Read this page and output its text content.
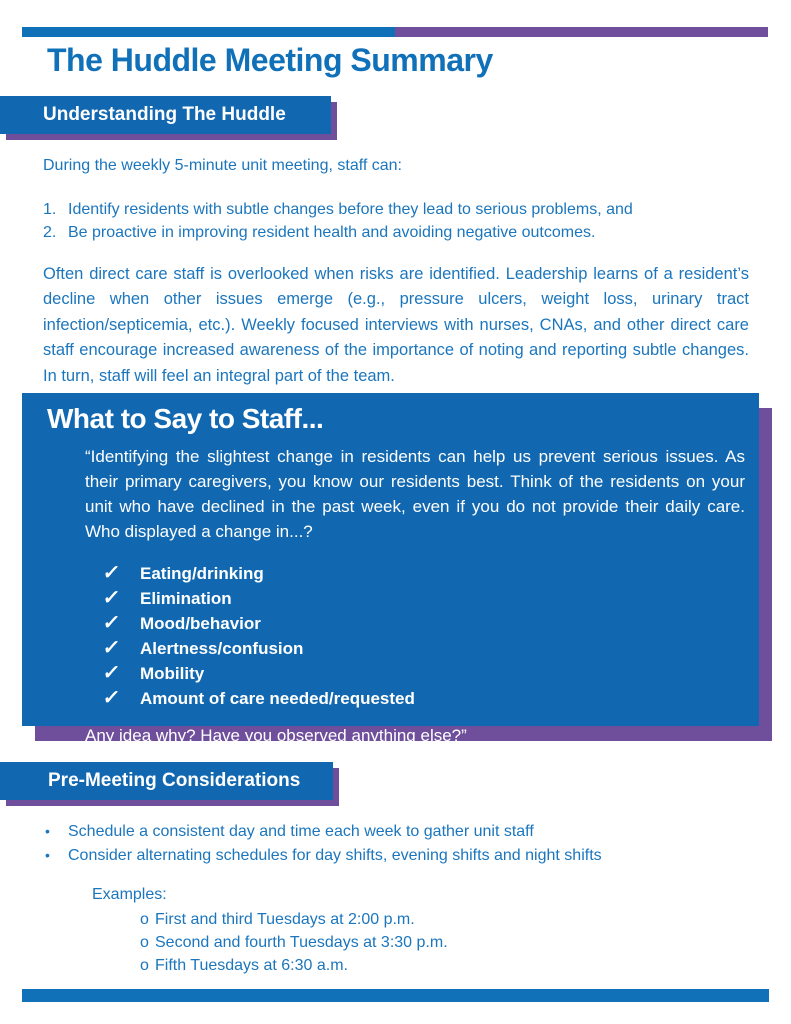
The Huddle Meeting Summary
Understanding The Huddle

During the weekly 5-minute unit meeting, staff can:

1. Identify residents with subtle changes before they lead to serious problems, and
2. Be proactive in improving resident health and avoiding negative outcomes.

Often direct care staff is overlooked when risks are identified. Leadership learns of a resident’s decline when other issues emerge (e.g., pressure ulcers, weight loss, urinary tract infection/septicemia, etc.). Weekly focused interviews with nurses, CNAs, and other direct care staff encourage increased awareness of the importance of noting and reporting subtle changes. In turn, staff will feel an integral part of the team.

What to Say to Staff...

“Identifying the slightest change in residents can help us prevent serious issues. As their primary caregivers, you know our residents best. Think of the residents on your unit who have declined in the past week, even if you do not provide their daily care. Who displayed a change in...?

✓	Eating/drinking
✓	Elimination
✓	Mood/behavior
✓	Alertness/confusion
✓	Mobility
✓	Amount of care needed/requested

Any idea why? Have you observed anything else?”

Pre-Meeting Considerations
•	Schedule a consistent day and time each week to gather unit staff
•	Consider alternating schedules for day shifts, evening shifts and night shifts

Examples:

o First and third Tuesdays at 2:00 p.m.
o Second and fourth Tuesdays at 3:30 p.m.
o Fifth Tuesdays at 6:30 a.m.
